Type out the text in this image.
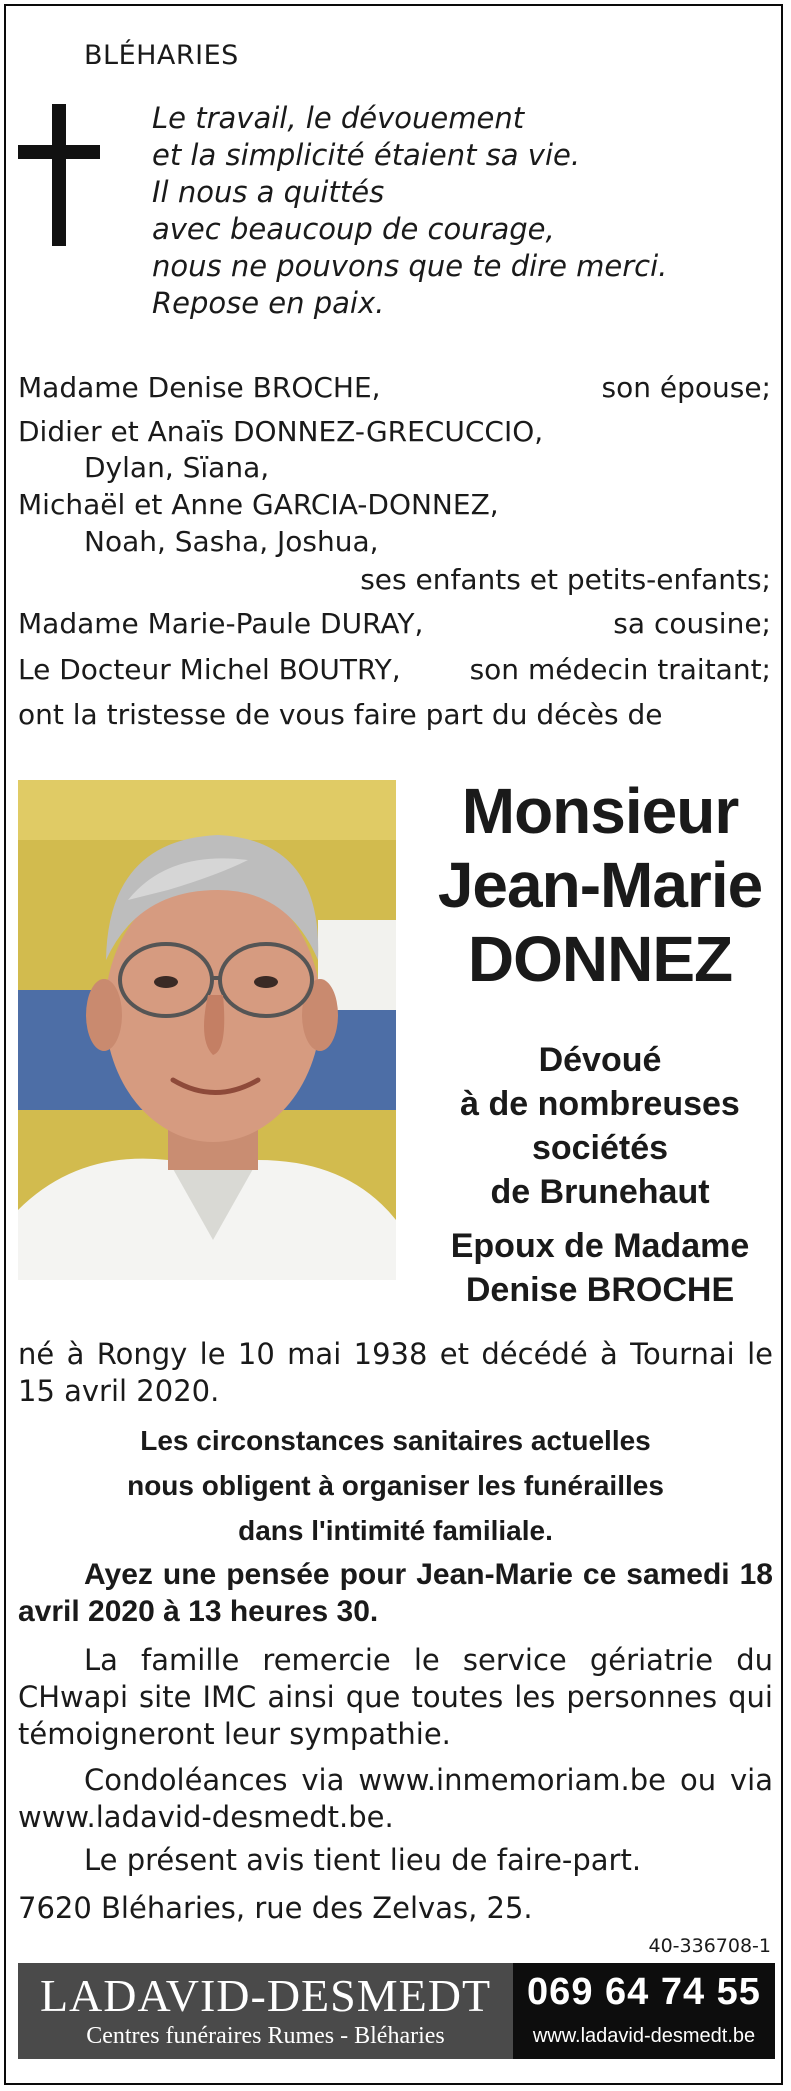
BLÉHARIES

Le travail, le dévouement
et la simplicité étaient sa vie.
Il nous a quittés
avec beaucoup de courage,
nous ne pouvons que te dire merci.
Repose en paix.

Madame Denise BROCHE,	son épouse;

Didier et Anaïs DONNEZ-GRECUCCIO,

Dylan, Sïana,

Michaël et Anne GARCIA-DONNEZ,

Noah, Sasha, Joshua,

ses enfants et petits-enfants;

Madame Marie-Paule DURAY,	sa cousine;

Le Docteur Michel BOUTRY, son médecin traitant;

ont la tristesse de vous faire part du décès de

Monsieur
Jean-Marie
DONNEZ
Dévoué
à de nombreuses
sociétés
de Brunehaut
Epoux de Madame
Denise BROCHE

né à Rongy le 10 mai 1938 et décédé à Tournai le 15 avril 2020.

Les circonstances sanitaires actuelles
nous obligent à organiser les funérailles
dans l'intimité familiale.

Ayez une pensée pour Jean-Marie ce samedi 18 avril 2020 à 13 heures 30.

La famille remercie le service gériatrie du CHwapi site IMC ainsi que toutes les personnes qui témoigneront leur sympathie.

Condoléances via www.inmemoriam.be ou via www.ladavid-desmedt.be.

Le présent avis tient lieu de faire-part.

7620 Bléharies, rue des Zelvas, 25.

40-336708-1

LADAVID-DESMEDT
Centres funéraires Rumes - Bléharies
069 64 74 55
www.ladavid-desmedt.be
